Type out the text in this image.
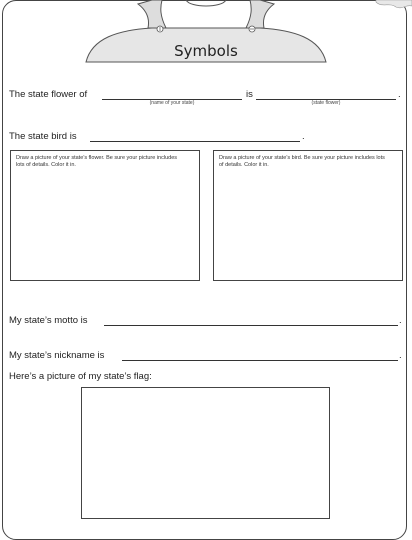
Symbols
The state flower of	is	.
(name of your state)	(state flower)
The state bird is	.
Draw a picture of your state’s flower. Be sure your picture includes lots of details. Color it in.
Draw a picture of your state’s bird. Be sure your picture includes lots of details. Color it in.
My state’s motto is	.
My state’s nickname is	.
Here’s a picture of my state’s flag:
